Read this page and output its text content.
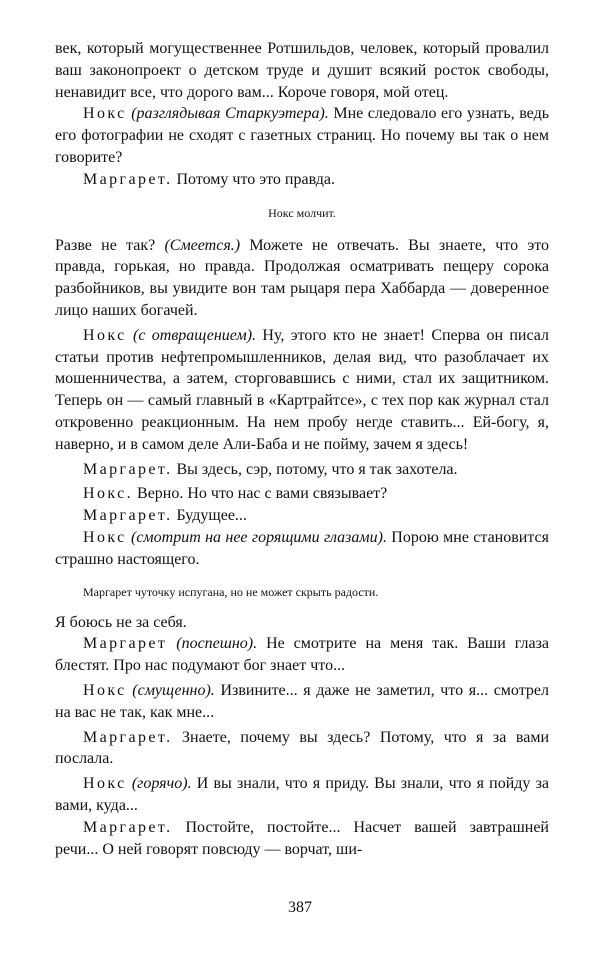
век, который могущественнее Ротшильдов, человек, который провалил ваш законопроект о детском труде и душит всякий росток свободы, ненавидит все, что дорого вам... Короче говоря, мой отец.

Нокс (разглядывая Старкуэтера). Мне следовало его узнать, ведь его фотографии не сходят с газетных страниц. Но почему вы так о нем говорите?

Маргарет. Потому что это правда.

Нокс молчит.

Разве не так? (Смеется.) Можете не отвечать. Вы знаете, что это правда, горькая, но правда. Продолжая осматривать пещеру сорока разбойников, вы увидите вон там рыцаря пера Хаббарда — доверенное лицо наших богачей.

Нокс (с отвращением). Ну, этого кто не знает! Сперва он писал статьи против нефтепромышленников, делая вид, что разоблачает их мошенничества, а затем, сторговавшись с ними, стал их защитником. Теперь он — самый главный в «Картрайтсе», с тех пор как журнал стал откровенно реакционным. На нем пробу негде ставить... Ей-богу, я, наверно, и в самом деле Али-Баба и не пойму, зачем я здесь!

Маргарет. Вы здесь, сэр, потому, что я так захотела.

Нокс. Верно. Но что нас с вами связывает?

Маргарет. Будущее...

Нокс (смотрит на нее горящими глазами). Порою мне становится страшно настоящего.

Маргарет чуточку испугана, но не может скрыть радости.

Я боюсь не за себя.

Маргарет (поспешно). Не смотрите на меня так. Ваши глаза блестят. Про нас подумают бог знает что...

Нокс (смущенно). Извините... я даже не заметил, что я... смотрел на вас не так, как мне...

Маргарет. Знаете, почему вы здесь? Потому, что я за вами послала.

Нокс (горячо). И вы знали, что я приду. Вы знали, что я пойду за вами, куда...

Маргарет. Постойте, постойте... Насчет вашей завтрашней речи... О ней говорят повсюду — ворчат, ши-

387
